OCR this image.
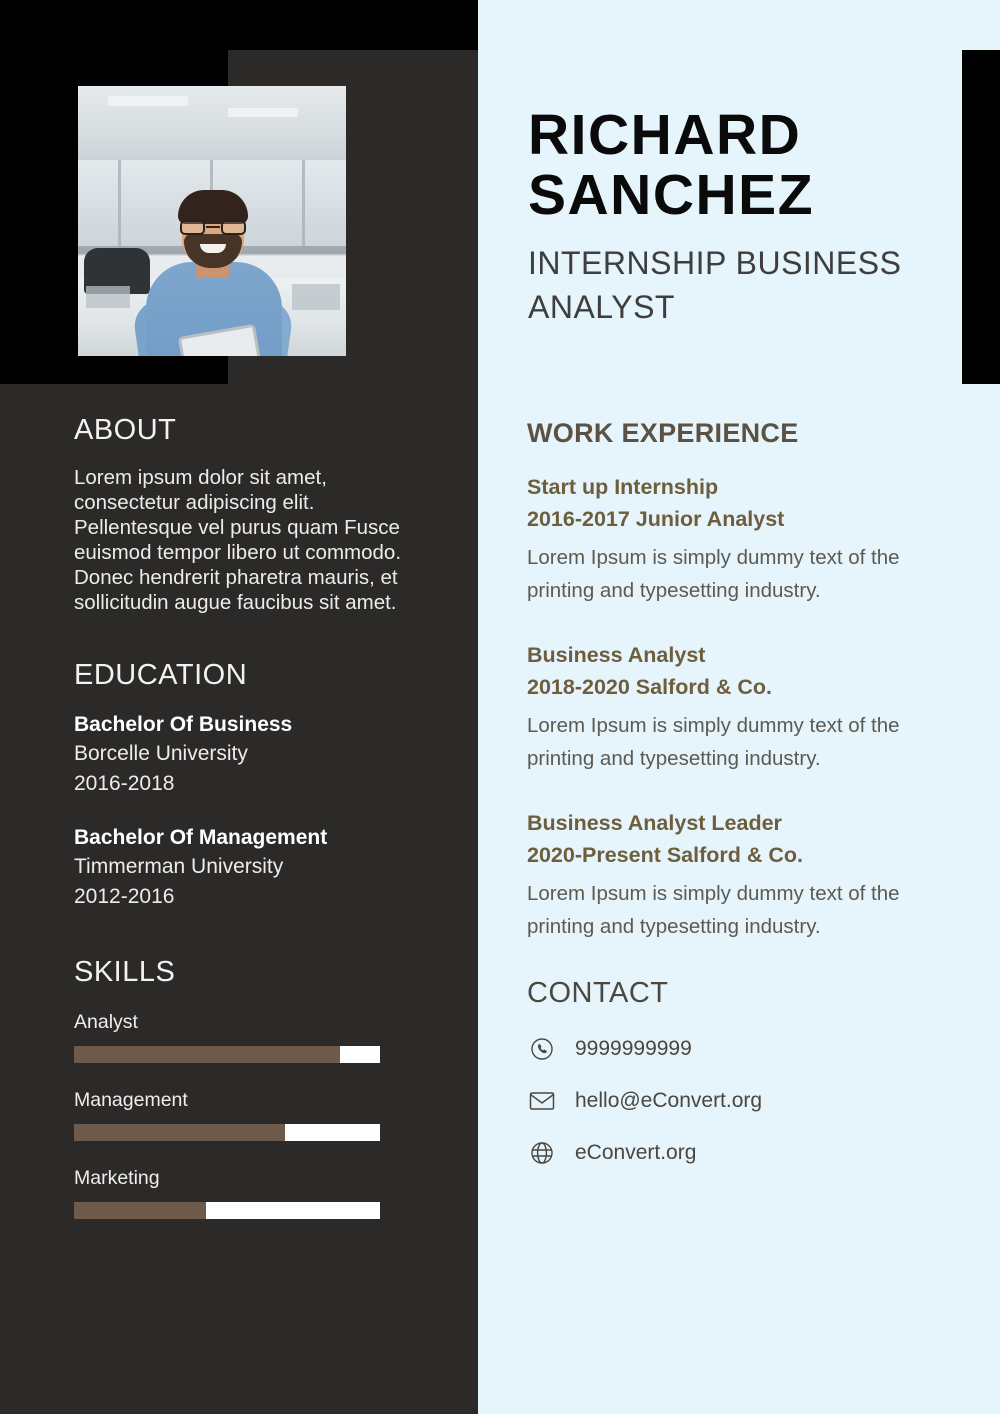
ABOUT

Lorem ipsum dolor sit amet, consectetur adipiscing elit. Pellentesque vel purus quam Fusce euismod tempor libero ut commodo. Donec hendrerit pharetra mauris, et sollicitudin augue faucibus sit amet.

EDUCATION
Bachelor Of Business
Borcelle University
2016-2018
Bachelor Of Management
Timmerman University
2012-2016
SKILLS
Analyst
Management
Marketing
RICHARD
SANCHEZ
INTERNSHIP BUSINESS
ANALYST
WORK EXPERIENCE
Start up Internship
2016-2017 Junior Analyst
Lorem Ipsum is simply dummy text of the printing and typesetting industry.
Business Analyst
2018-2020 Salford & Co.
Lorem Ipsum is simply dummy text of the printing and typesetting industry.
Business Analyst Leader
2020-Present Salford & Co.
Lorem Ipsum is simply dummy text of the printing and typesetting industry.
CONTACT
9999999999
hello@eConvert.org
eConvert.org
